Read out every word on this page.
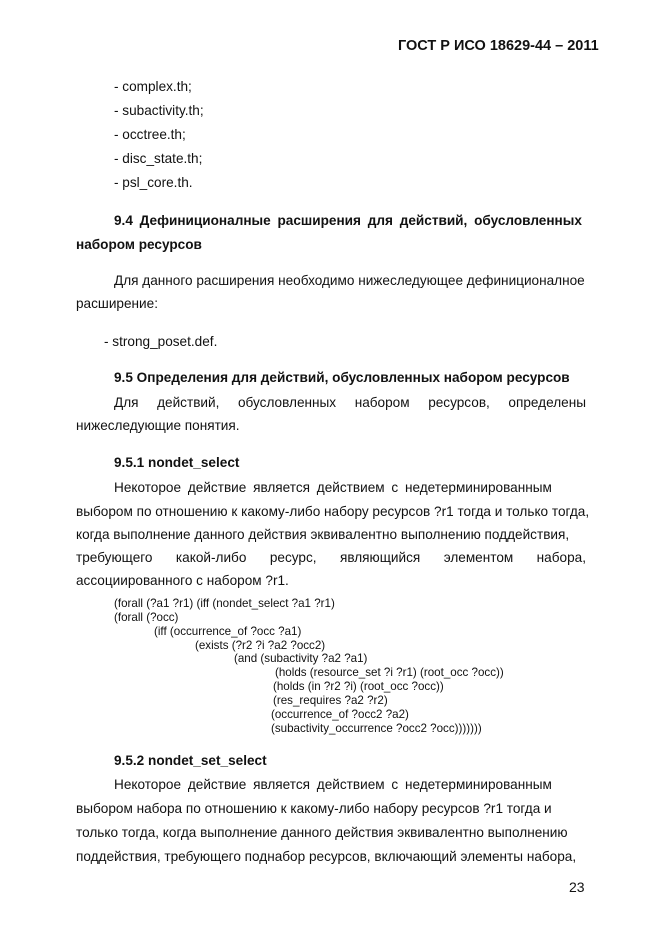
ГОСТ Р ИСО 18629-44 – 2011
- complex.th;
- subactivity.th;
- occtree.th;
- disc_state.th;
- psl_core.th.
9.4 Дефиниционалные расширения для действий, обусловленных
набором ресурсов
Для данного расширения необходимо нижеследующее дефиниционалное
расширение:
- strong_poset.def.
9.5 Определения для действий, обусловленных набором ресурсов
Для действий, обусловленных набором ресурсов, определены
нижеследующие понятия.
9.5.1 nondet_select
Некоторое действие является действием с недетерминированным
выбором по отношению к какому-либо набору ресурсов ?r1 тогда и только тогда,
когда выполнение данного действия эквивалентно выполнению поддействия,
требующего какой-либо ресурс, являющийся элементом набора,
ассоциированного с набором ?r1.
(forall (?a1 ?r1) (iff (nondet_select ?a1 ?r1)
(forall (?occ)
(iff (occurrence_of ?occ ?a1)
(exists (?r2 ?i ?a2 ?occ2)
(and (subactivity ?a2 ?a1)
(holds (resource_set ?i ?r1) (root_occ ?occ))
(holds (in ?r2 ?i) (root_occ ?occ))
(res_requires ?a2 ?r2)
(occurrence_of ?occ2 ?a2)
(subactivity_occurrence ?occ2 ?occ)))))))
9.5.2 nondet_set_select
Некоторое действие является действием с недетерминированным
выбором набора по отношению к какому-либо набору ресурсов ?r1 тогда и
только тогда, когда выполнение данного действия эквивалентно выполнению
поддействия, требующего поднабор ресурсов, включающий элементы набора,
23
